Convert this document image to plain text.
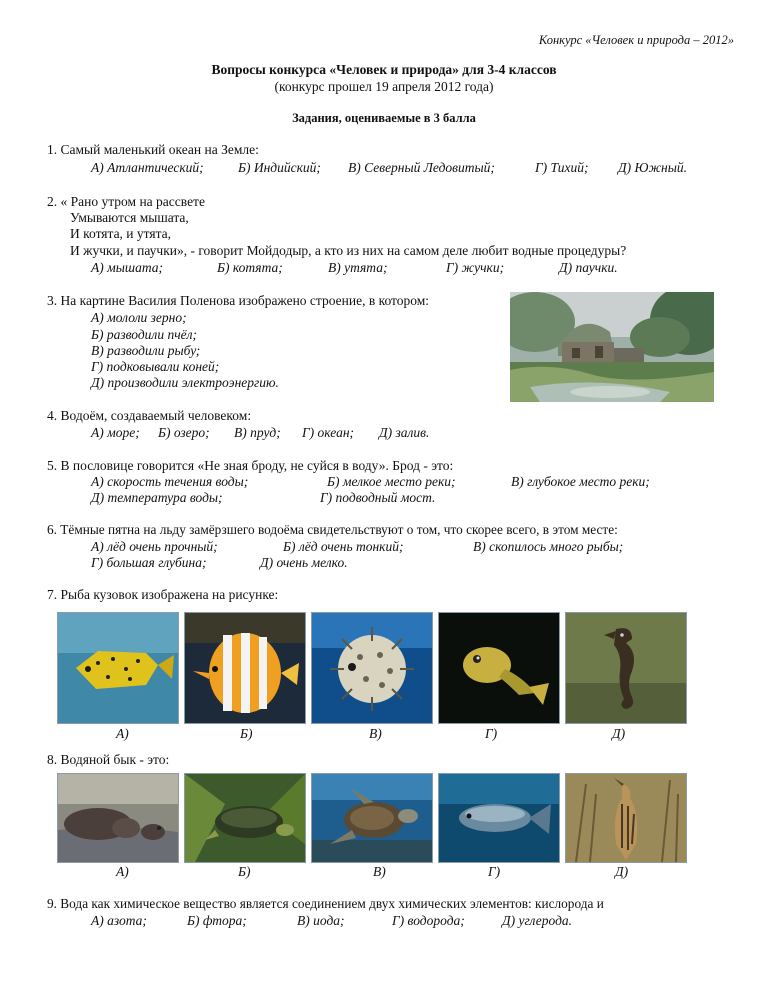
Конкурс «Человек и природа – 2012»
Вопросы конкурса «Человек и природа» для 3-4 классов
(конкурс прошел 19 апреля 2012 года)
Задания, оцениваемые в 3 балла
1. Самый маленький океан на Земле:
А) Атлантический;	Б) Индийский; В) Северный Ледовитый;	Г) Тихий; Д) Южный.
2. « Рано утром на рассвете
Умываются мышата,
И котята, и утята,
И жучки, и паучки», - говорит Мойдодыр, а кто из них на самом деле любит водные процедуры?
А) мышата;	Б) котята;	В) утята;	Г) жучки;	Д) паучки.
3. На картине Василия Поленова изображено строение, в котором:
А) мололи зерно;
Б) разводили пчёл;
В) разводили рыбу;
Г) подковывали коней;
Д) производили электроэнергию.
4. Водоём, создаваемый человеком:
А) море; Б) озеро; В) пруд; Г) океан; Д) залив.
5. В пословице говорится «Не зная броду, не суйся в воду». Брод - это:
А) скорость течения воды;	Б) мелкое место реки;	В) глубокое место реки;
Д) температура воды;	Г) подводный мост.
6. Тёмные пятна на льду замёрзшего водоёма свидетельствуют о том, что скорее всего, в этом месте:
А) лёд очень прочный;	Б) лёд очень тонкий;	В) скопилось много рыбы;
Г) большая глубина;	Д) очень мелко.
7. Рыба кузовок изображена на рисунке:
А)	Б)	В)	Г)	Д)
8. Водяной бык - это:
А)	Б)	В)	Г)	Д)
9. Вода как химическое вещество является соединением двух химических элементов: кислорода и
А) азота;	Б) фтора;	В) иода;	Г) водорода;	Д) углерода.
